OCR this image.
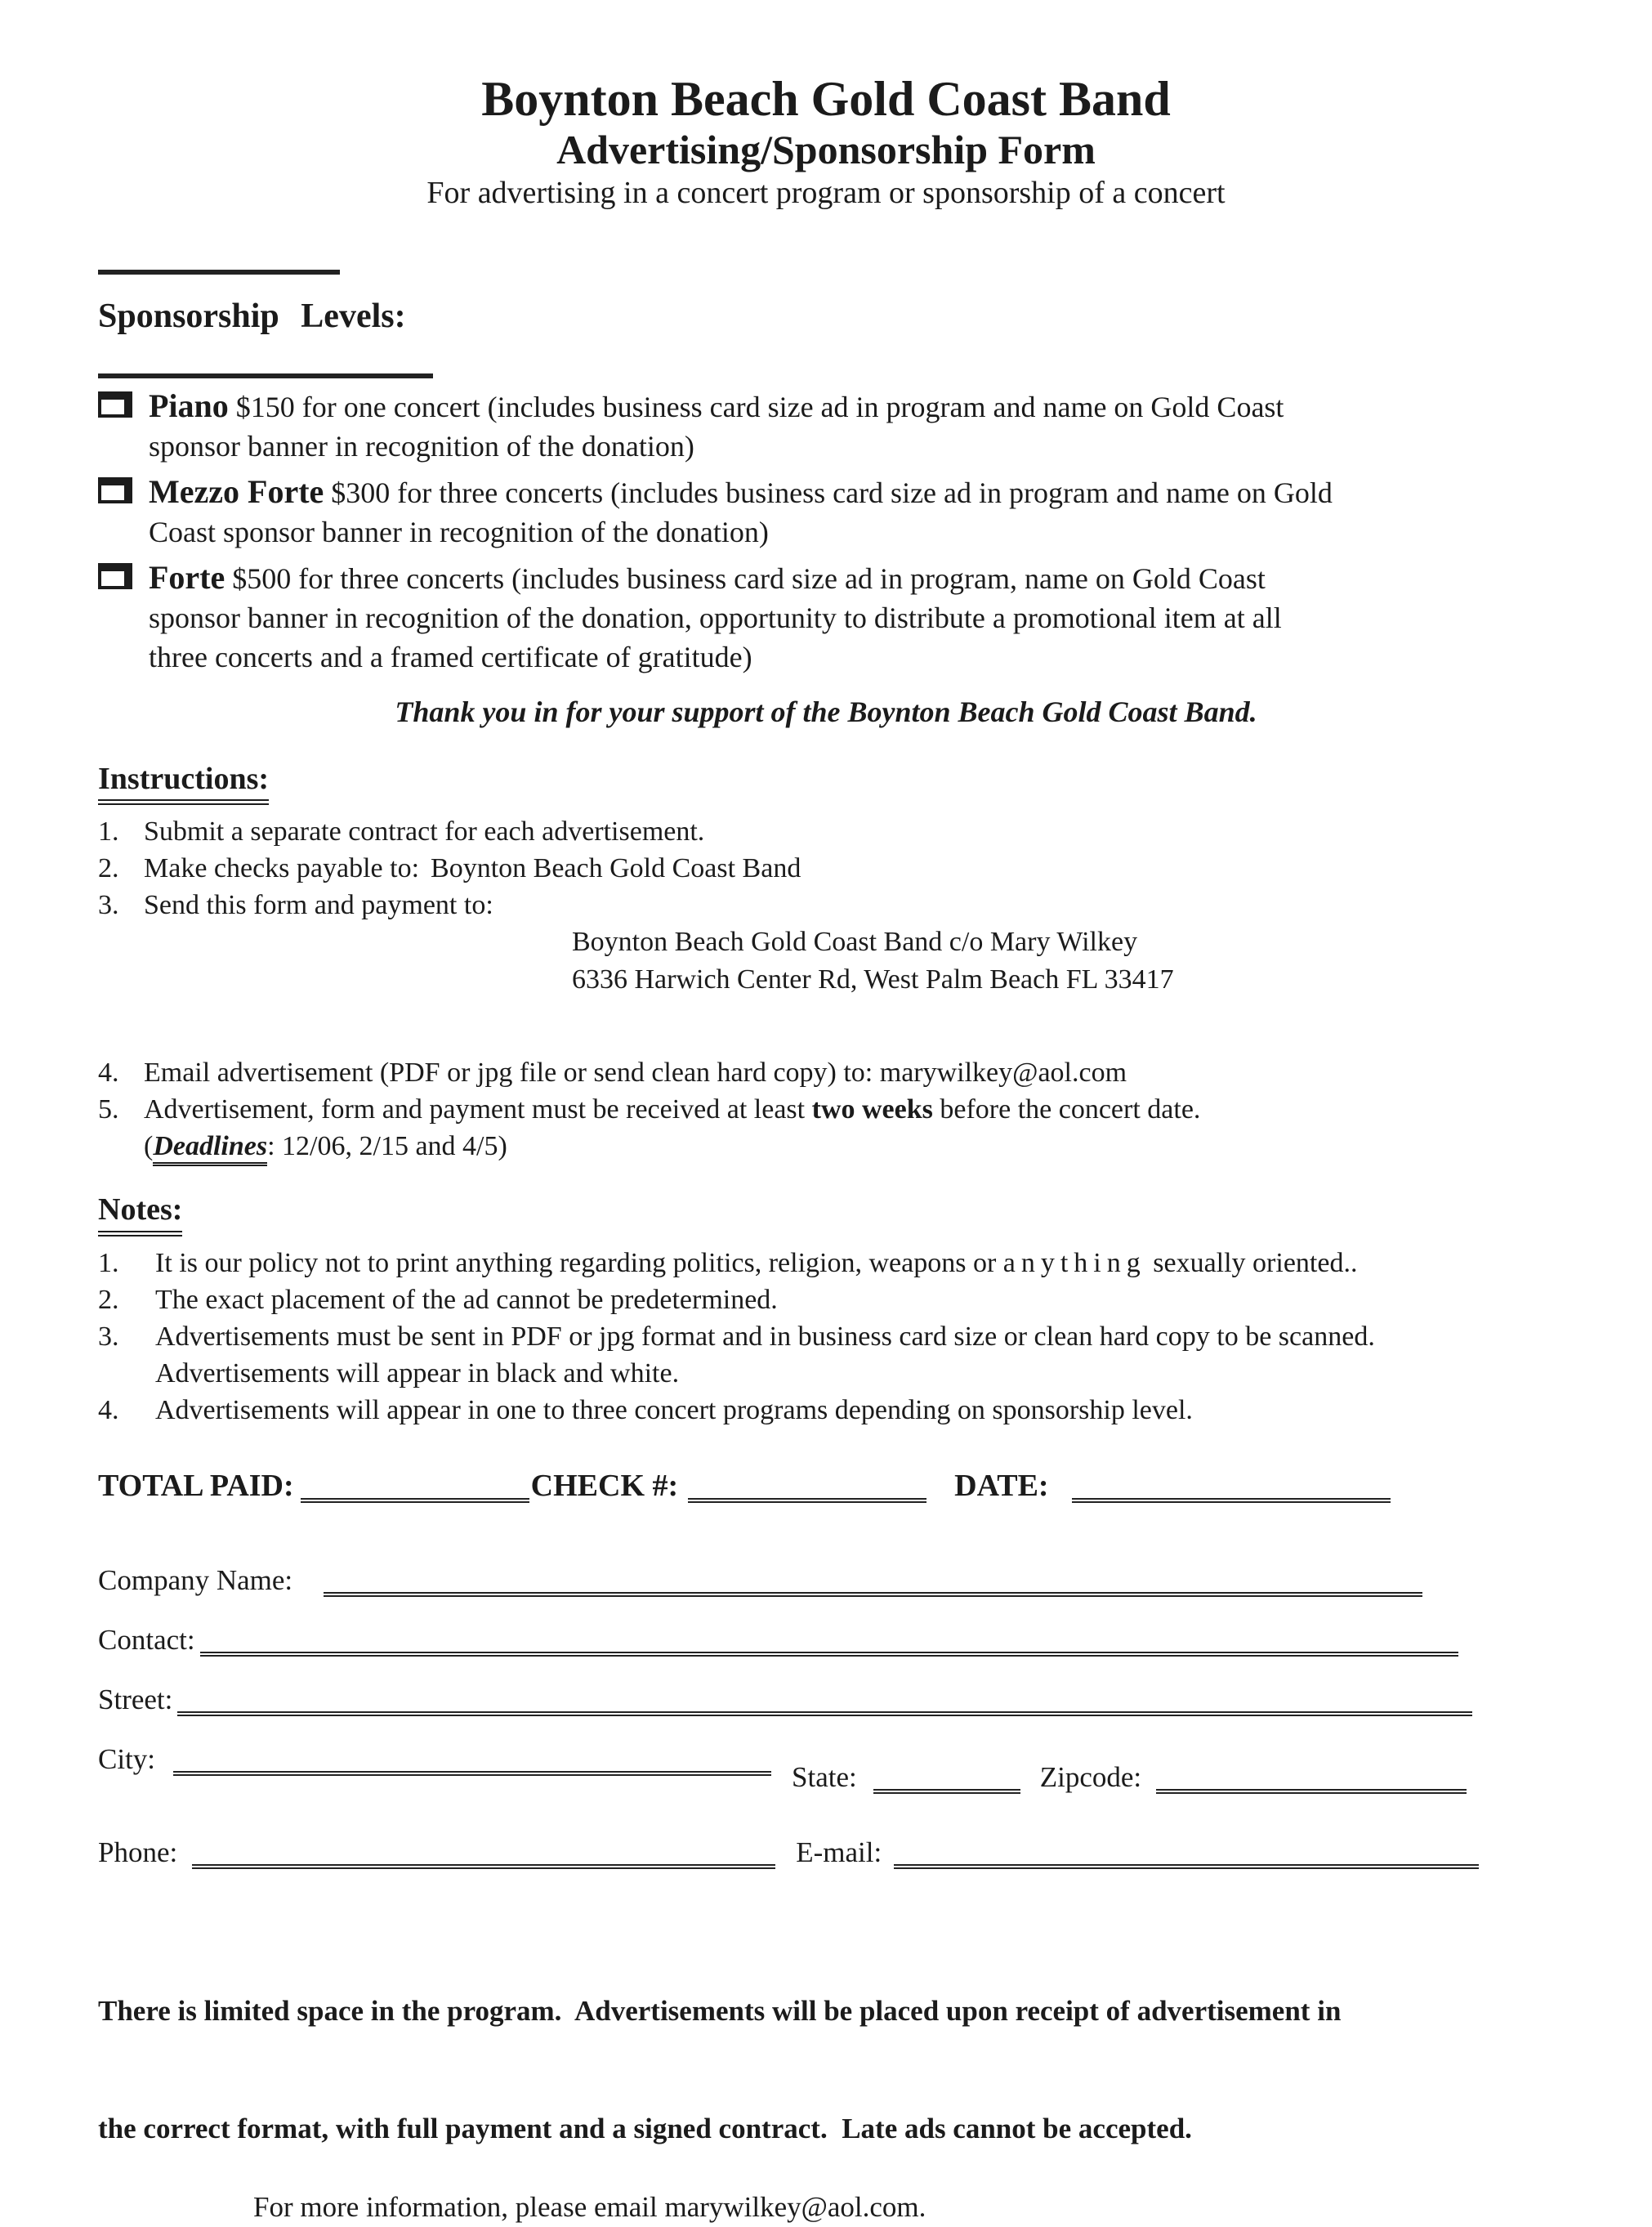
Boynton Beach Gold Coast Band
Advertising/Sponsorship Form
For advertising in a concert program or sponsorship of a concert
Sponsorship Levels:
Piano $150 for one concert (includes business card size ad in program and name on Gold Coast
sponsor banner in recognition of the donation)
Mezzo Forte $300 for three concerts (includes business card size ad in program and name on Gold
Coast sponsor banner in recognition of the donation)
Forte $500 for three concerts (includes business card size ad in program, name on Gold Coast
sponsor banner in recognition of the donation, opportunity to distribute a promotional item at all
three concerts and a framed certificate of gratitude)
Thank you in for your support of the Boynton Beach Gold Coast Band.
Instructions:
1. Submit a separate contract for each advertisement.
2. Make checks payable to: Boynton Beach Gold Coast Band
3. Send this form and payment to:
Boynton Beach Gold Coast Band c/o Mary Wilkey
6336 Harwich Center Rd, West Palm Beach FL 33417
4. Email advertisement (PDF or jpg file or send clean hard copy) to: marywilkey@aol.com
5. Advertisement, form and payment must be received at least two weeks before the concert date.
(Deadlines: 12/06, 2/15 and 4/5)
Notes:
1.	It is our policy not to print anything regarding politics, religion, weapons or anything sexually oriented..
2.	The exact placement of the ad cannot be predetermined.
3.	Advertisements must be sent in PDF or jpg format and in business card size or clean hard copy to be scanned.
Advertisements will appear in black and white.
4.	Advertisements will appear in one to three concert programs depending on sponsorship level.
TOTAL PAID:	CHECK #:	DATE:
Company Name:
Contact:
Street:
City:State:	Zipcode:
Phone:	E-mail:

There is limited space in the program.  Advertisements will be placed upon receipt of advertisement in

the correct format, with full payment and a signed contract.  Late ads cannot be accepted.

For more information, please email marywilkey@aol.com.
